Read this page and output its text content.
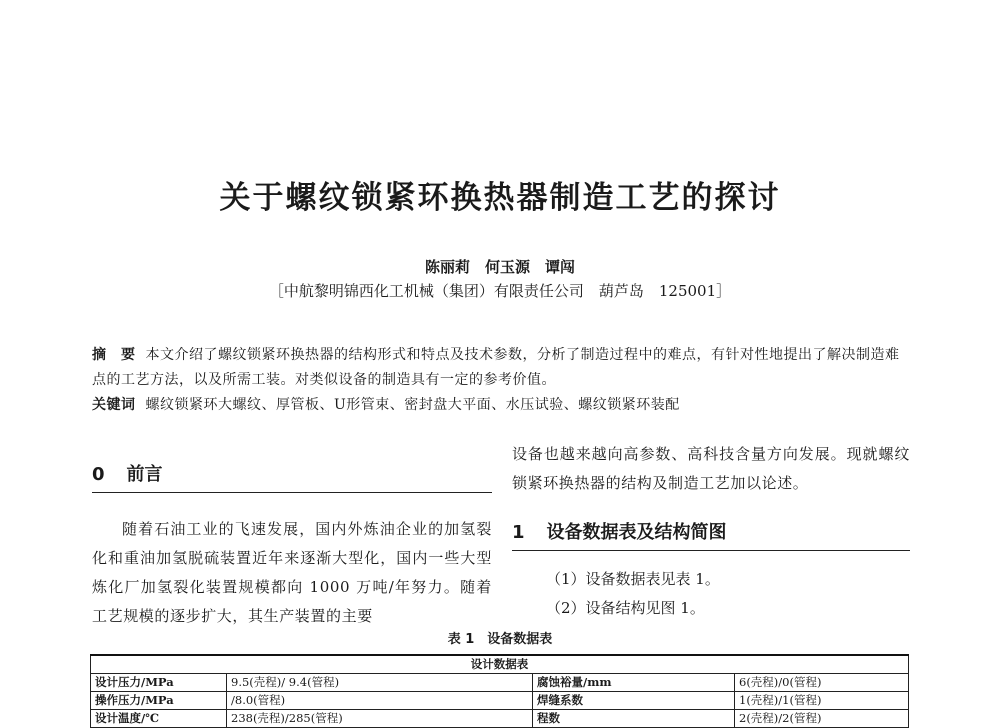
关于螺纹锁紧环换热器制造工艺的探讨
陈丽莉　何玉源　谭闯
［中航黎明锦西化工机械（集团）有限责任公司　葫芦岛　125001］
摘　要 本文介绍了螺纹锁紧环换热器的结构形式和特点及技术参数，分析了制造过程中的难点，有针对性地提出了解决制造难点的工艺方法，以及所需工装。对类似设备的制造具有一定的参考价值。
关键词 螺纹锁紧环大螺纹、厚管板、U形管束、密封盘大平面、水压试验、螺纹锁紧环装配
0 前言
随着石油工业的飞速发展，国内外炼油企业的加氢裂化和重油加氢脱硫装置近年来逐渐大型化，国内一些大型炼化厂加氢裂化装置规模都向 1000 万吨/年努力。随着工艺规模的逐步扩大，其生产装置的主要
设备也越来越向高参数、高科技含量方向发展。现就螺纹锁紧环换热器的结构及制造工艺加以论述。
1 设备数据表及结构简图
（1）设备数据表见表 1。
（2）设备结构见图 1。
表 1　设备数据表
设计数据表			
设计压力/MPa	9.5(壳程)/ 9.4(管程)	腐蚀裕量/mm	6(壳程)/0(管程)
操作压力/MPa	/8.0(管程)	焊缝系数	1(壳程)/1(管程)
设计温度/℃	238(壳程)/285(管程)	程数	2(壳程)/2(管程)
